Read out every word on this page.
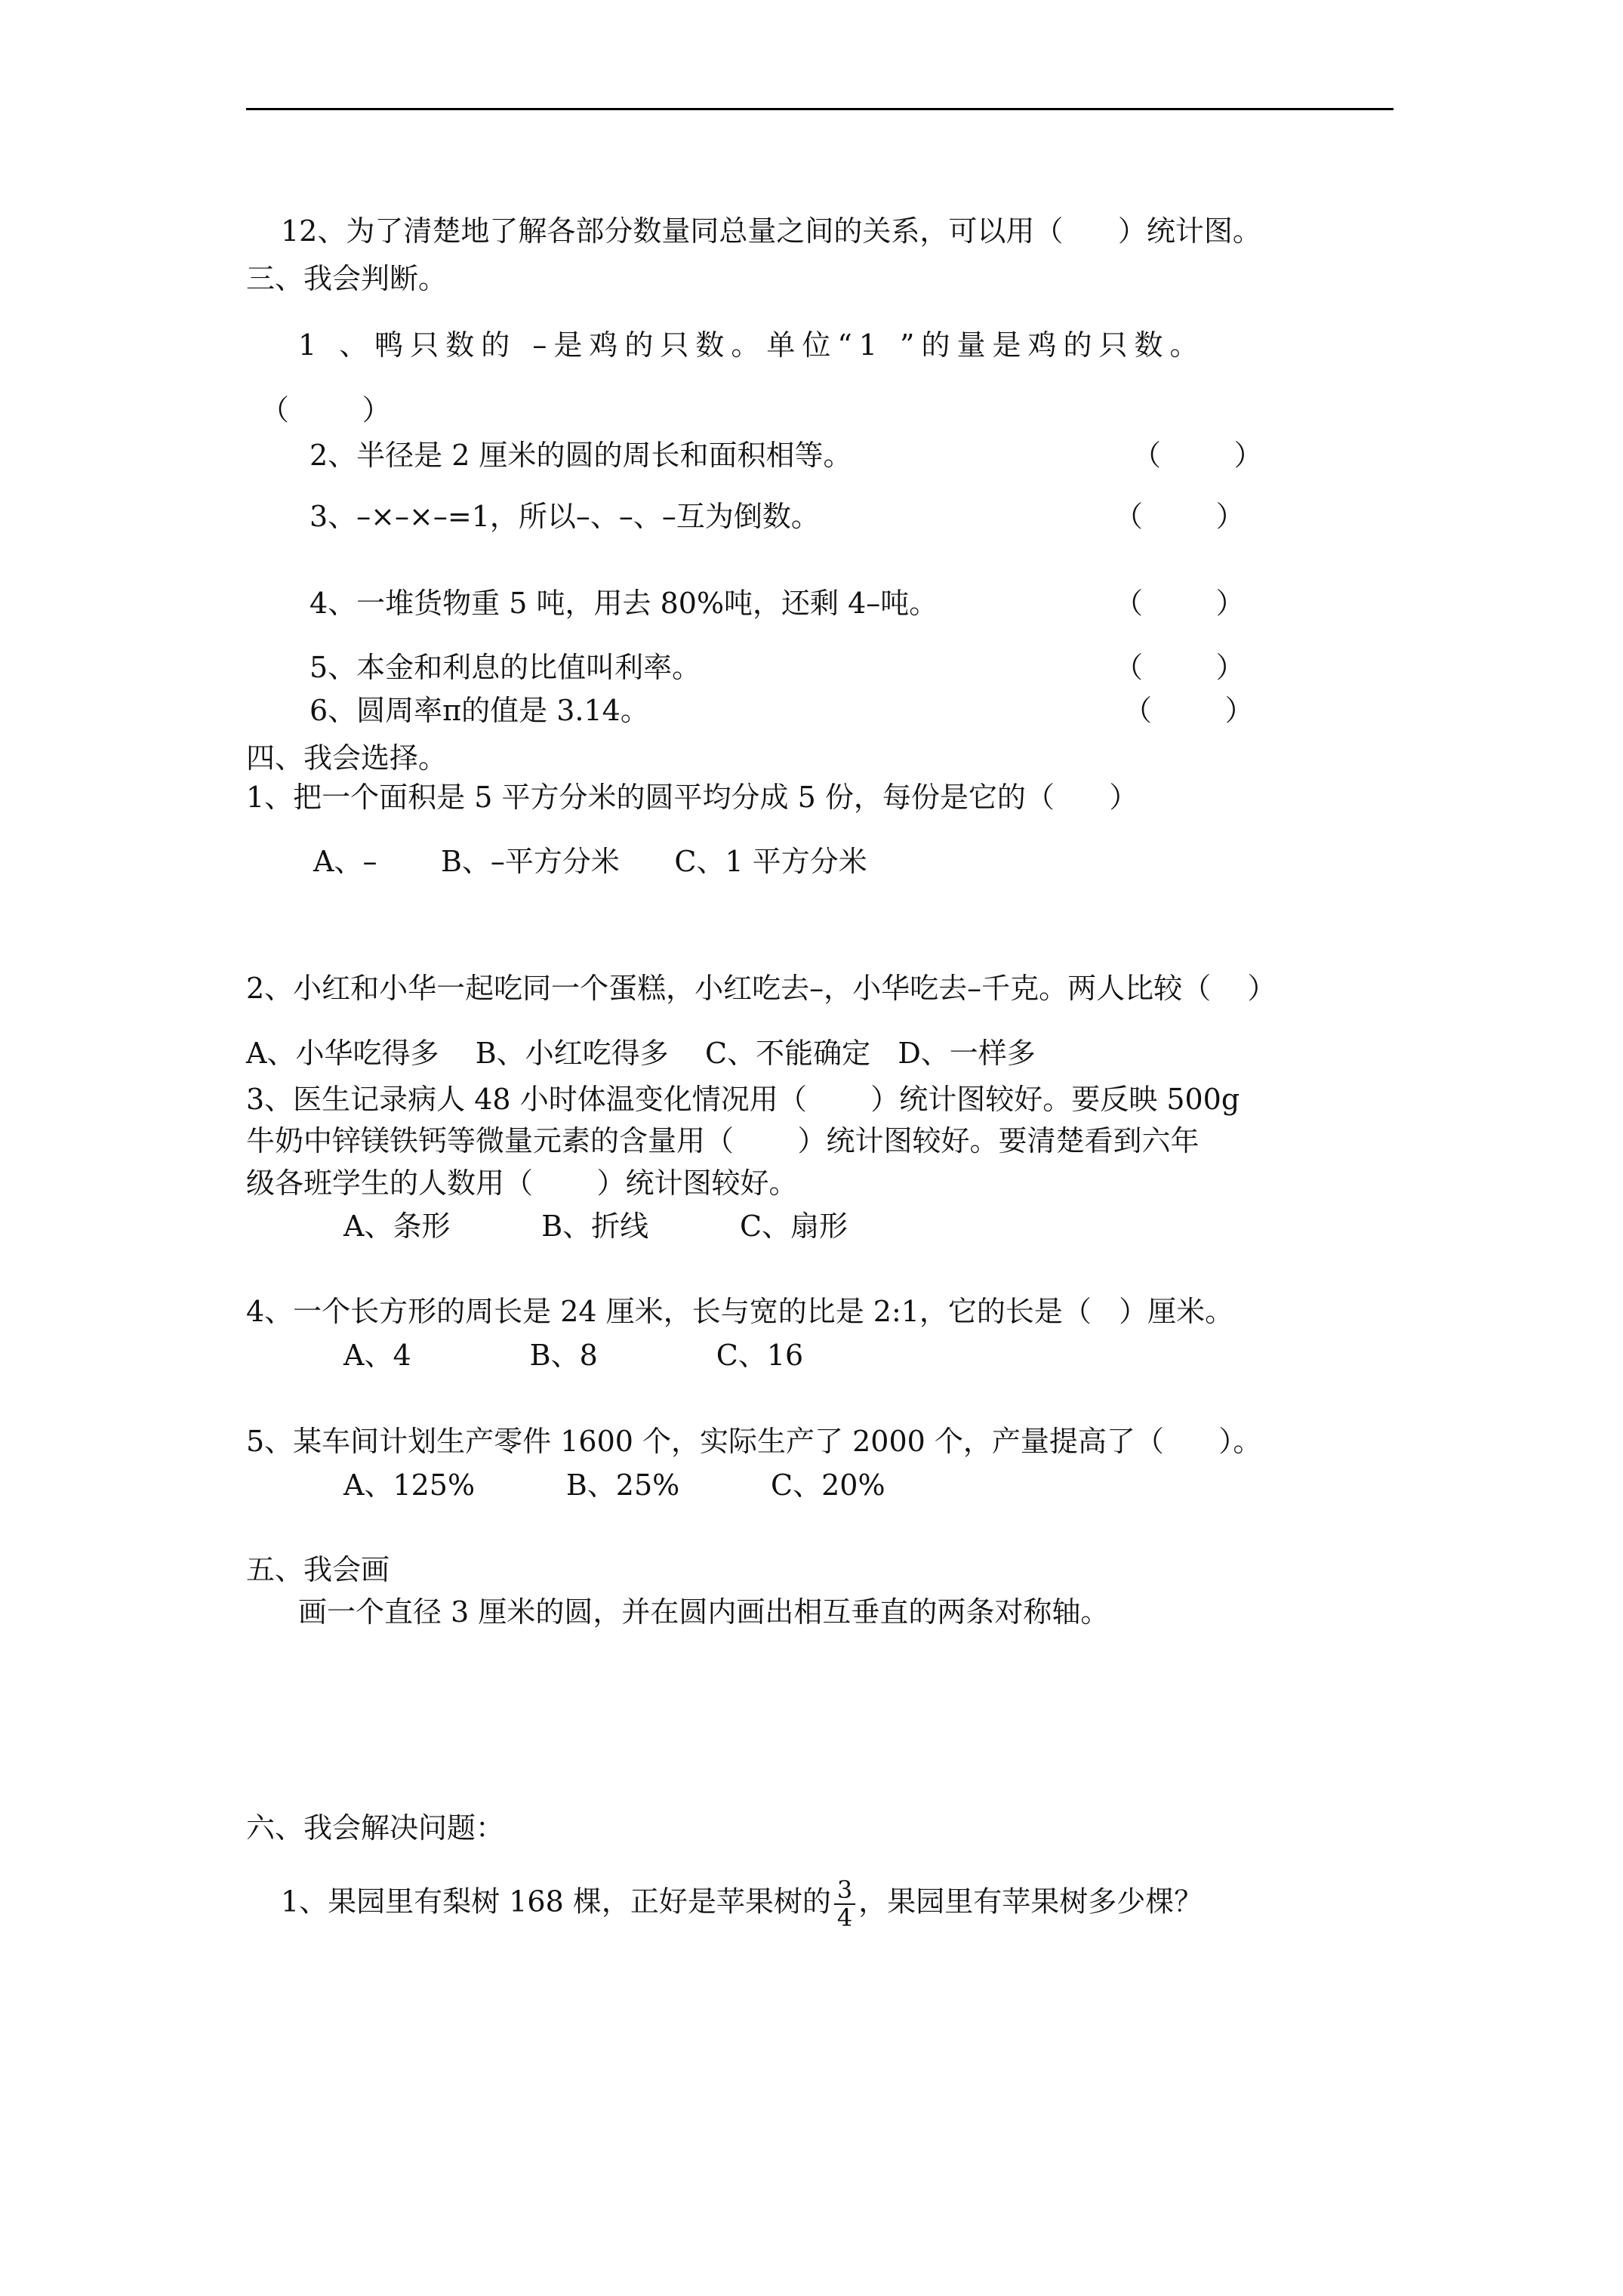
12、为了清楚地了解各部分数量同总量之间的关系，可以用（      ）统计图。
三、我会判断。
1 、鸭只数的 –是鸡的只数。单位“1 ”的量是鸡的只数。
（        ）
2、半径是 2 厘米的圆的周长和面积相等。	（        ）
3、–×–×–=1，所以–、–、–互为倒数。	（        ）
4、一堆货物重 5 吨，用去 80%吨，还剩 4–吨。	（        ）
5、本金和利息的比值叫利率。	（        ）
6、圆周率π的值是 3.14。	（        ）
四、我会选择。
1、把一个面积是 5 平方分米的圆平均分成 5 份，每份是它的（      ）
A、–       B、–平方分米      C、1 平方分米
2、小红和小华一起吃同一个蛋糕，小红吃去–，小华吃去–千克。两人比较（    ）
A、小华吃得多    B、小红吃得多    C、不能确定   D、一样多
3、医生记录病人 48 小时体温变化情况用（       ）统计图较好。要反映 500g
牛奶中锌镁铁钙等微量元素的含量用（       ）统计图较好。要清楚看到六年
级各班学生的人数用（       ）统计图较好。
A、条形          B、折线          C、扇形
4、一个长方形的周长是 24 厘米，长与宽的比是 2:1，它的长是（   ）厘米。
A、4             B、8             C、16
5、某车间计划生产零件 1600 个，实际生产了 2000 个，产量提高了（      ）。
A、125%          B、25%          C、20%
五、我会画
画一个直径 3 厘米的圆，并在圆内画出相互垂直的两条对称轴。
六、我会解决问题：
1、果园里有梨树 168 棵，正好是苹果树的 $\frac{3}{4}$ ，果园里有苹果树多少棵？
